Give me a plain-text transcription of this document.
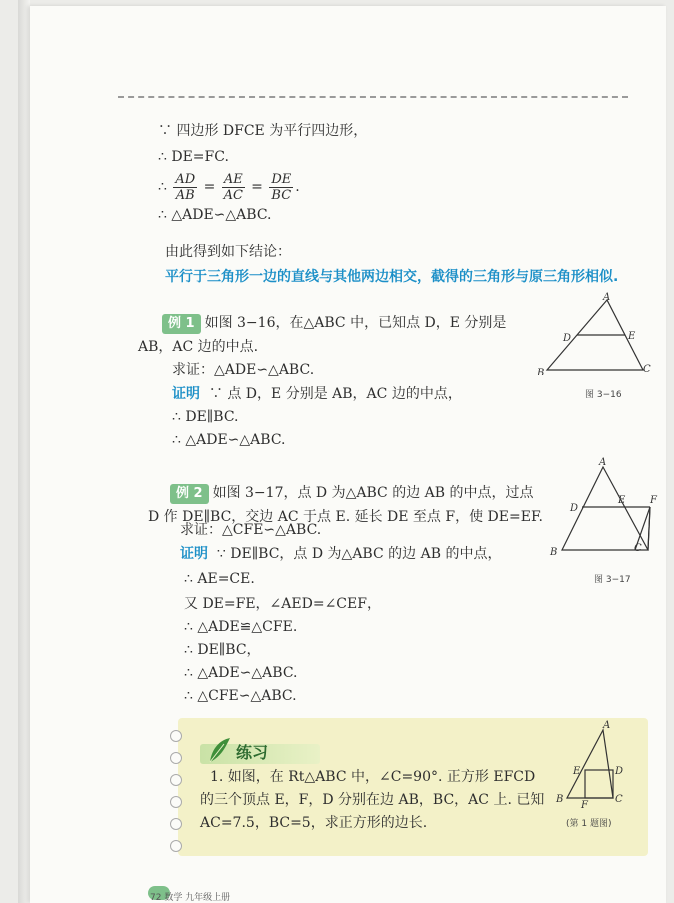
∵ 四边形 DFCE 为平行四边形，
∴ DE=FC.
∴ $\frac{AD}{AB} = \frac{AE}{AC} = \frac{DE}{BC}$ .
∴ △ADE∽△ABC.
由此得到如下结论：
平行于三角形一边的直线与其他两边相交，截得的三角形与原三角形相似.
例 1 如图 3−16，在△ABC 中，已知点 D，E 分别是
AB，AC 边的中点.
求证：△ADE∽△ABC.
证明 ∵ 点 D，E 分别是 AB，AC 边的中点，
∴ DE∥BC.
∴ △ADE∽△ABC.
A
D	E
B	C
图 3−16
例 2 如图 3−17，点 D 为△ABC 的边 AB 的中点，过点
D 作 DE∥BC，交边 AC 于点 E. 延长 DE 至点 F，使 DE=EF.
求证：△CFE∽△ABC.
证明 ∵ DE∥BC，点 D 为△ABC 的边 AB 的中点，
∴ AE=CE.
又 DE=FE，∠AED=∠CEF，
∴ △ADE≌△CFE.
∴ DE∥BC，
∴ △ADE∽△ABC.
∴ △CFE∽△ABC.
A
D
E F
B	C
图 3−17
练习
1. 如图，在 Rt△ABC 中，∠C=90°. 正方形 EFCD
的三个顶点 E，F，D 分别在边 AB，BC，AC 上. 已知
AC=7.5，BC=5，求正方形的边长.
A
E	D
B
F
C
(第 1 题图)
72 数学 九年级上册
